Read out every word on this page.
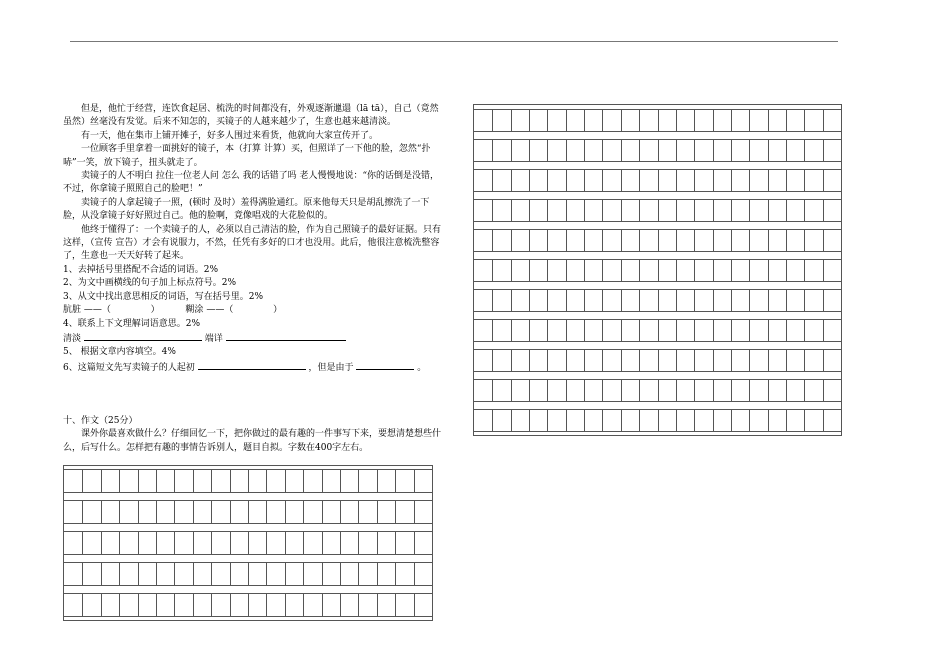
但是，他忙于经营，连饮食起居、梳洗的时间都没有，外观逐渐邋遢（lā tā），自己（竟然 虽然）丝毫没有发觉。后来不知怎的，买镜子的人越来越少了，生意也越来越清淡。

有一天，他在集市上铺开摊子，好多人围过来看货，他就向大家宣传开了。

一位顾客手里拿着一面挑好的镜子，本（打算 计算）买，但照详了一下他的脸，忽然“扑哧”一笑，放下镜子，扭头就走了。

卖镜子的人不明白 拉住一位老人问 怎么 我的话错了吗 老人慢慢地说：“你的话倒是没错，不过，你拿镜子照照自己的脸吧！”

卖镜子的人拿起镜子一照，(顿时 及时）羞得满脸通红。原来他每天只是胡乱擦洗了一下脸，从没拿镜子好好照过自己。他的脸啊，竟像唱戏的大花脸似的。

他终于懂得了：一个卖镜子的人，必须以自己清洁的脸，作为自己照镜子的最好证据。只有这样，（宣传 宣告）才会有说服力，不然，任凭有多好的口才也没用。此后，他很注意梳洗整容了，生意也一天天好转了起来。

1、去掉括号里搭配不合适的词语。2%

2、为文中画横线的句子加上标点符号。2%

3、从文中找出意思相反的词语，写在括号里。2%

肮脏 ——（	）	糊涂 ——（	）

4、联系上下文理解词语意思。2%

清淡	端详

5、 根据文章内容填空。4%

6、这篇短文先写卖镜子的人起初	，但是由于	。

十、作文（25分）

课外你最喜欢做什么？仔细回忆一下，把你做过的最有趣的一件事写下来，要想清楚想些什么，后写什么。怎样把有趣的事情告诉别人，题目自拟。字数在400字左右。
